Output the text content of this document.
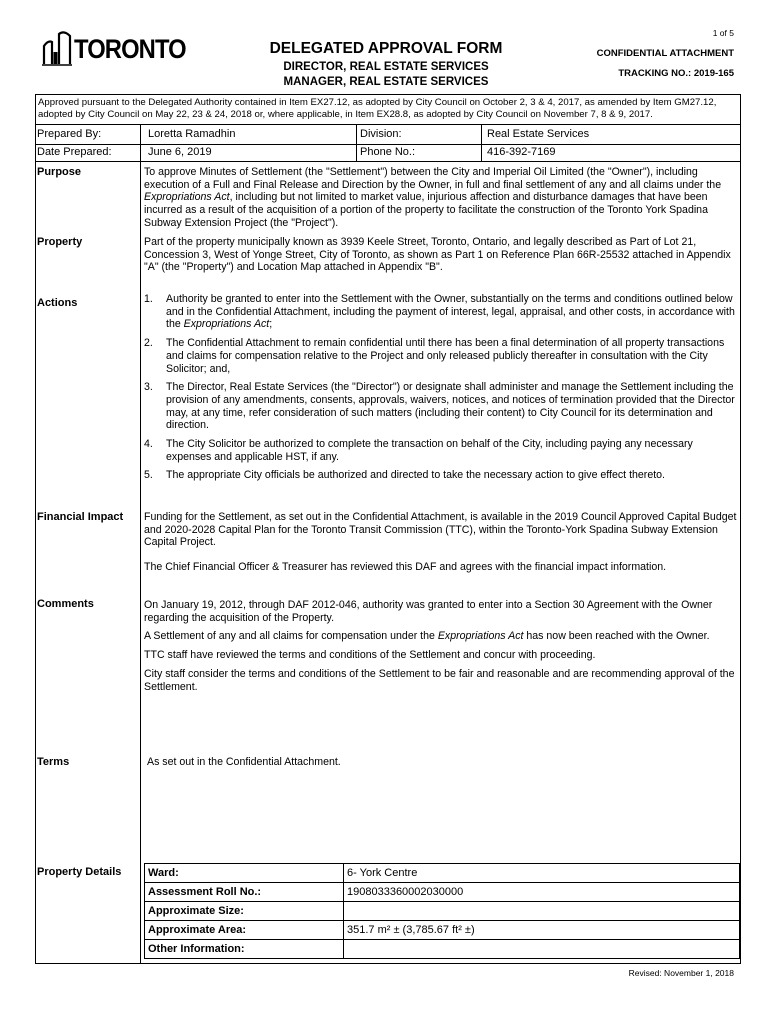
1 of 5
TORONTO	DELEGATED APPROVAL FORM
DIRECTOR, REAL ESTATE SERVICES
MANAGER, REAL ESTATE SERVICES
CONFIDENTIAL ATTACHMENT
TRACKING NO.: 2019-165
Approved pursuant to the Delegated Authority contained in Item EX27.12, as adopted by City Council on October 2, 3 & 4, 2017, as amended by Item GM27.12, adopted by City Council on May 22, 23 & 24, 2018 or, where applicable, in Item EX28.8, as adopted by City Council on November 7, 8 & 9, 2017.
Prepared By:	Loretta Ramadhin	Division:	Real Estate Services
Date Prepared:	June 6, 2019	Phone No.:	416-392-7169
Purpose	To approve Minutes of Settlement (the "Settlement") between the City and Imperial Oil Limited (the "Owner"), including execution of a Full and Final Release and Direction by the Owner, in full and final settlement of any and all claims under the Expropriations Act, including but not limited to market value, injurious affection and disturbance damages that have been incurred as a result of the acquisition of a portion of the property to facilitate the construction of the Toronto York Spadina Subway Extension Project (the "Project").
Property	Part of the property municipally known as 3939 Keele Street, Toronto, Ontario, and legally described as Part of Lot 21, Concession 3, West of Yonge Street, City of Toronto, as shown as Part 1 on Reference Plan 66R-25532 attached in Appendix "A" (the "Property") and Location Map attached in Appendix "B".
Actions	1. Authority be granted to enter into the Settlement with the Owner, substantially on the terms and conditions outlined below and in the Confidential Attachment, including the payment of interest, legal, appraisal, and other costs, in accordance with the Expropriations Act;
2. The Confidential Attachment to remain confidential until there has been a final determination of all property transactions and claims for compensation relative to the Project and only released publicly thereafter in consultation with the City Solicitor; and,
3. The Director, Real Estate Services (the "Director") or designate shall administer and manage the Settlement including the provision of any amendments, consents, approvals, waivers, notices, and notices of termination provided that the Director may, at any time, refer consideration of such matters (including their content) to City Council for its determination and direction.
4. The City Solicitor be authorized to complete the transaction on behalf of the City, including paying any necessary expenses and applicable HST, if any.
5. The appropriate City officials be authorized and directed to take the necessary action to give effect thereto.
Financial Impact Funding for the Settlement, as set out in the Confidential Attachment, is available in the 2019 Council Approved Capital Budget and 2020-2028 Capital Plan for the Toronto Transit Commission (TTC), within the Toronto-York Spadina Subway Extension Capital Project.

The Chief Financial Officer & Treasurer has reviewed this DAF and agrees with the financial impact information.

Comments	On January 19, 2012, through DAF 2012-046, authority was granted to enter into a Section 30 Agreement with the Owner regarding the acquisition of the Property.

A Settlement of any and all claims for compensation under the Expropriations Act has now been reached with the Owner.

TTC staff have reviewed the terms and conditions of the Settlement and concur with proceeding.

City staff consider the terms and conditions of the Settlement to be fair and reasonable and are recommending approval of the Settlement.

Terms	As set out in the Confidential Attachment.
Property Details Ward:	6- York Centre
Assessment Roll No.:	1908033360002030000
Approximate Size:	
Approximate Area:	351.7 m² ± (3,785.67 ft² ±)
Other Information:	
Revised: November 1, 2018
